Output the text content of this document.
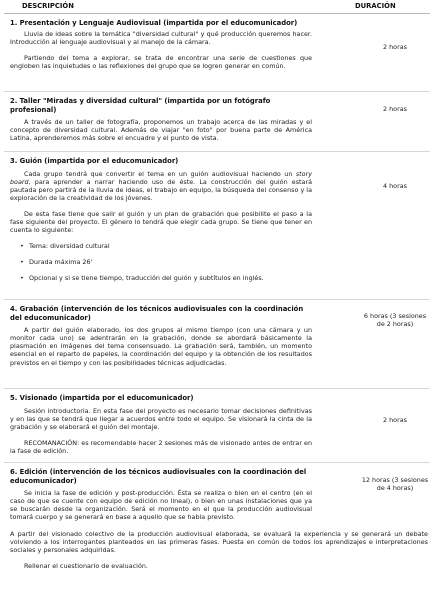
DESCRIPCIÓN	DURACIÓN
1. Presentación y Lenguaje Audiovisual (impartida por el educomunicador)

Lluvia de ideas sobre la temática "diversidad cultural" y qué producción queremos hacer. Introducción al lenguaje audiovisual y al manejo de la cámara.

Partiendo del tema a explorar, se trata de encontrar una serie de cuestiones que engloben las inquietudes o las reflexiones del grupo que se logren generar en común.

2 horas
2. Taller "Miradas y diversidad cultural" (impartida por un fotógrafo profesional)

A través de un taller de fotografía, proponemos un trabajo acerca de las miradas y el concepto de diversidad cultural. Además de viajar "en foto" por buena parte de América Latina, aprenderemos más sobre el encuadre y el punto de vista.

2 horas
3. Guión (impartida por el educomunicador)

Cada grupo tendrá que convertir el tema en un guión audiovisual haciendo un story board, para aprender a narrar haciendo uso de éste. La construcción del guión estará pautada pero partirá de la lluvia de ideas, el trabajo en equipo, la búsqueda del consenso y la exploración de la creatividad de los jóvenes.

De esta fase tiene que salir el guión y un plan de grabación que posibilite el paso a la fase siguiente del proyecto. El género lo tendrá que elegir cada grupo. Se tiene que tener en cuenta lo siguiente:

• Tema: diversidad cultural
• Durada máxima 26'
• Opcional y si se tiene tiempo, traducción del guión y subtítulos en inglés.
4 horas
4. Grabación (intervención de los técnicos audiovisuales con la coordinación del educomunicador)

A partir del guión elaborado, los dos grupos al mismo tiempo (con una cámara y un monitor cada uno) se adentrarán en la grabación, donde se abordará básicamente la plasmación en imágenes del tema consensuado. La grabación será, también, un momento esencial en el reparto de papeles, la coordinación del equipo y la obtención de los resultados previstos en el tiempo y con las posibilidades técnicas adjudicadas.

6 horas (3 sesiones de 2 horas)
5. Visionado (impartida por el educomunicador)

Sesión introductoria. En esta fase del proyecto es necesario tomar decisiones definitivas y en las que se tendrá que llegar a acuerdos entre todo el equipo. Se visionará la cinta de la grabación y se elaborará el guión del montaje.

RECOMANACIÓN: es recomendable hacer 2 sesiones más de visionado antes de entrar en la fase de edición.

2 horas
6. Edición (intervención de los técnicos audiovisuales con la coordinación del educomunicador)

Se inicia la fase de edición y post-producción. Ésta se realiza o bien en el centro (en el caso de que se cuente con equipo de edición no lineal), o bien en unas instalaciones que ya se buscarán desde la organización. Será el momento en el que la producción audiovisual tomará cuerpo y se generará en base a aquello que se habla previsto.

A partir del visionado colectivo de la producción audiovisual elaborada, se evaluará la experiencia y se generará un debate volviendo a los interrogantes planteados en las primeras fases. Puesta en común de todos los aprendizajes e interpretaciones sociales y personales adquiridas.

Rellenar el cuestionario de evaluación.

12 horas (3 sesiones de 4 horas)
